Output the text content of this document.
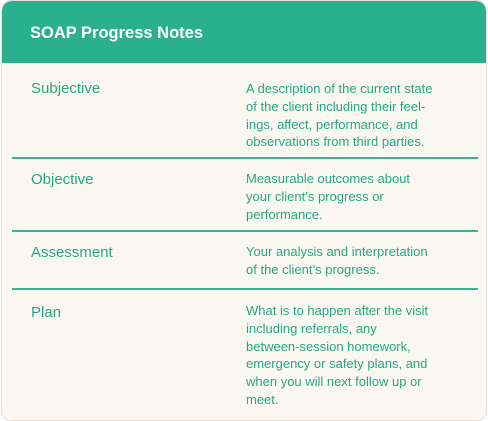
SOAP Progress Notes
Subjective	A description of the current state
of the client including their feel-
ings, affect, performance, and
observations from third parties.
Objective	Measurable outcomes about
your client’s progress or
performance.
Assessment	Your analysis and interpretation
of the client’s progress.
Plan	What is to happen after the visit
including referrals, any
between-session homework,
emergency or safety plans, and
when you will next follow up or
meet.
